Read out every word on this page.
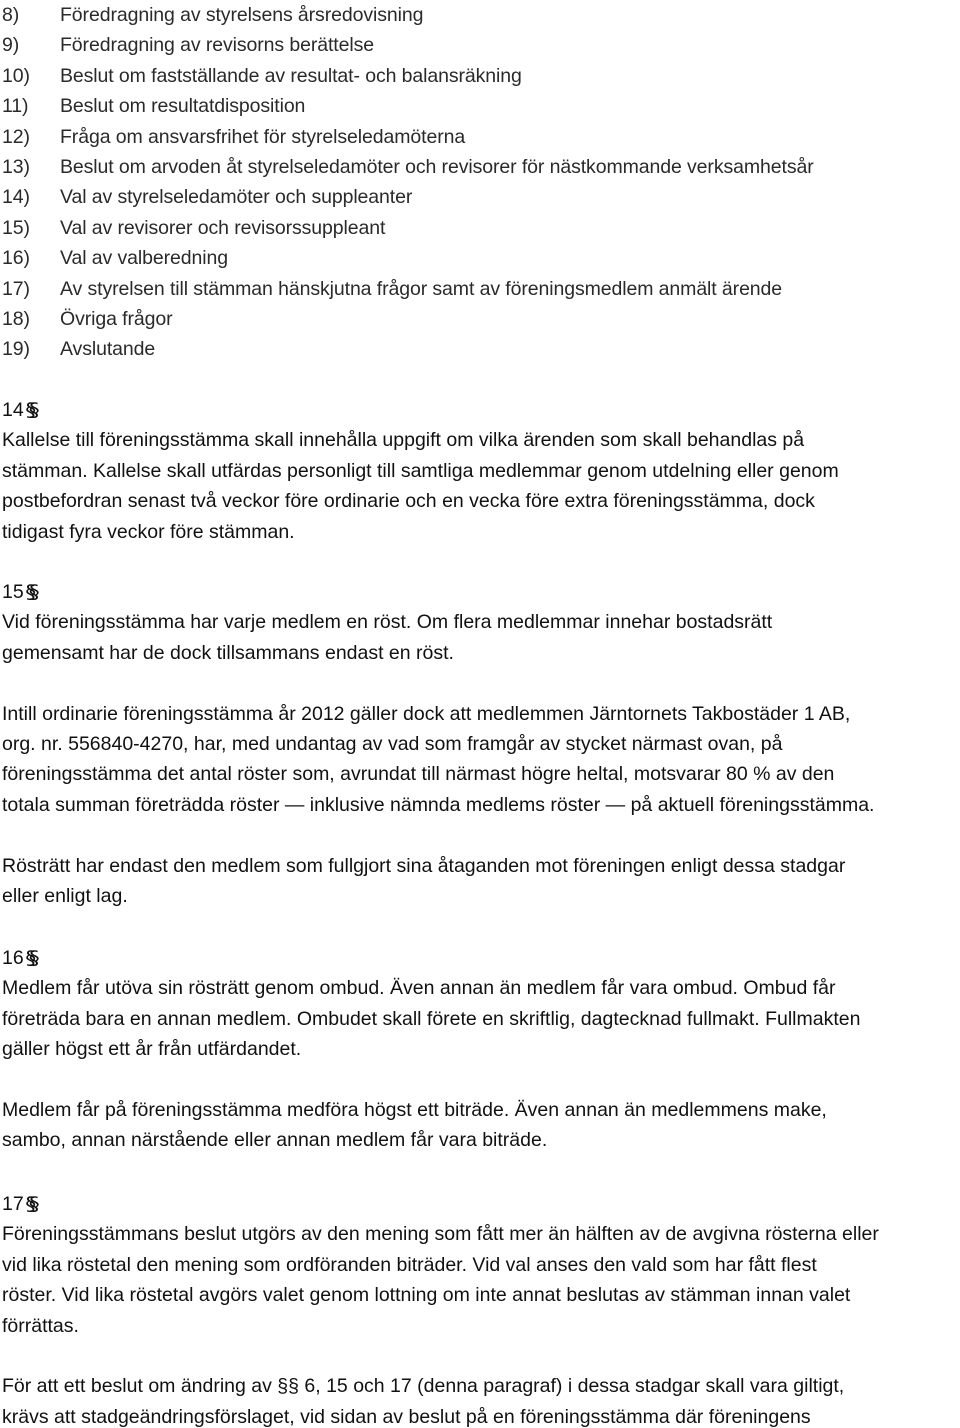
8)	Föredragning av styrelsens årsredovisning
9)	Föredragning av revisorns berättelse
10)	Beslut om fastställande av resultat- och balansräkning
11)	Beslut om resultatdisposition
12)	Fråga om ansvarsfrihet för styrelseledamöterna
13)	Beslut om arvoden åt styrelseledamöter och revisorer för nästkommande verksamhetsår
14)	Val av styrelseledamöter och suppleanter
15)	Val av revisorer och revisorssuppleant
16)	Val av valberedning
17)	Av styrelsen till stämman hänskjutna frågor samt av föreningsmedlem anmält ärende
18)	Övriga frågor
19)	Avslutande
14§
Kallelse till föreningsstämma skall innehålla uppgift om vilka ärenden som skall behandlas på
stämman. Kallelse skall utfärdas personligt till samtliga medlemmar genom utdelning eller genom
postbefordran senast två veckor före ordinarie och en vecka före extra föreningsstämma, dock
tidigast fyra veckor före stämman.
15§
Vid föreningsstämma har varje medlem en röst. Om flera medlemmar innehar bostadsrätt
gemensamt har de dock tillsammans endast en röst.
Intill ordinarie föreningsstämma år 2012 gäller dock att medlemmen Järntornets Takbostäder 1 AB,
org. nr. 556840-4270, har, med undantag av vad som framgår av stycket närmast ovan, på
föreningsstämma det antal röster som, avrundat till närmast högre heltal, motsvarar 80 % av den
totala summan företrädda röster — inklusive nämnda medlems röster — på aktuell föreningsstämma.
Rösträtt har endast den medlem som fullgjort sina åtaganden mot föreningen enligt dessa stadgar
eller enligt lag.
16§
Medlem får utöva sin rösträtt genom ombud. Även annan än medlem får vara ombud. Ombud får
företräda bara en annan medlem. Ombudet skall förete en skriftlig, dagtecknad fullmakt. Fullmakten
gäller högst ett år från utfärdandet.
Medlem får på föreningsstämma medföra högst ett biträde. Även annan än medlemmens make,
sambo, annan närstående eller annan medlem får vara biträde.
17§
Föreningsstämmans beslut utgörs av den mening som fått mer än hälften av de avgivna rösterna eller
vid lika röstetal den mening som ordföranden biträder. Vid val anses den vald som har fått flest
röster. Vid lika röstetal avgörs valet genom lottning om inte annat beslutas av stämman innan valet
förrättas.
För att ett beslut om ändring av §§ 6, 15 och 17 (denna paragraf) i dessa stadgar skall vara giltigt,
krävs att stadgeändringsförslaget, vid sidan av beslut på en föreningsstämma där föreningens
